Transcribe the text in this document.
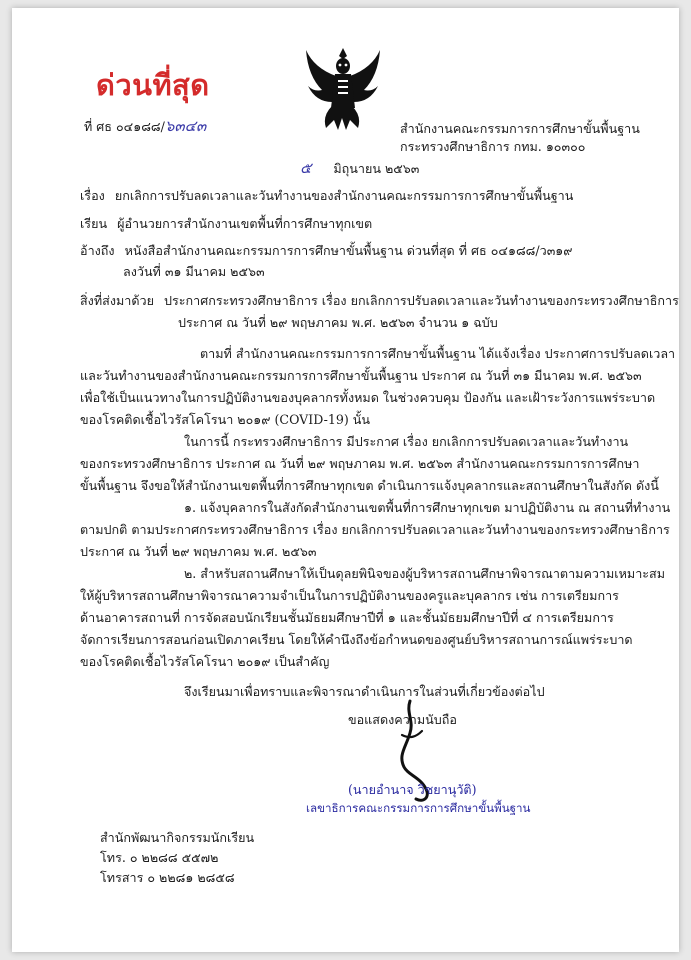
ด่วนที่สุด
ที่ ศธ ๐๔๑๘๘/๖๓๔๓	สำนักงานคณะกรรมการการศึกษาขั้นพื้นฐาน
กระทรวงศึกษาธิการ กทม. ๑๐๓๐๐
๕ มิถุนายน ๒๕๖๓
เรื่อง ยกเลิกการปรับลดเวลาและวันทำงานของสำนักงานคณะกรรมการการศึกษาขั้นพื้นฐาน
เรียน ผู้อำนวยการสำนักงานเขตพื้นที่การศึกษาทุกเขต
อ้างถึง หนังสือสำนักงานคณะกรรมการการศึกษาขั้นพื้นฐาน ด่วนที่สุด ที่ ศธ ๐๔๑๘๘/ว๓๑๙
ลงวันที่ ๓๑ มีนาคม ๒๕๖๓
สิ่งที่ส่งมาด้วย ประกาศกระทรวงศึกษาธิการ เรื่อง ยกเลิกการปรับลดเวลาและวันทำงานของกระทรวงศึกษาธิการ
ประกาศ ณ วันที่ ๒๙ พฤษภาคม พ.ศ. ๒๕๖๓ จำนวน ๑ ฉบับ
ตามที่ สำนักงานคณะกรรมการการศึกษาขั้นพื้นฐาน ได้แจ้งเรื่อง ประกาศการปรับลดเวลา
และวันทำงานของสำนักงานคณะกรรมการการศึกษาขั้นพื้นฐาน ประกาศ ณ วันที่ ๓๑ มีนาคม พ.ศ. ๒๕๖๓
เพื่อใช้เป็นแนวทางในการปฏิบัติงานของบุคลากรทั้งหมด ในช่วงควบคุม ป้องกัน และเฝ้าระวังการแพร่ระบาด
ของโรคติดเชื้อไวรัสโคโรนา ๒๐๑๙ (COVID-19) นั้น
ในการนี้ กระทรวงศึกษาธิการ มีประกาศ เรื่อง ยกเลิกการปรับลดเวลาและวันทำงาน
ของกระทรวงศึกษาธิการ ประกาศ ณ วันที่ ๒๙ พฤษภาคม พ.ศ. ๒๕๖๓ สำนักงานคณะกรรมการการศึกษา
ขั้นพื้นฐาน จึงขอให้สำนักงานเขตพื้นที่การศึกษาทุกเขต ดำเนินการแจ้งบุคลากรและสถานศึกษาในสังกัด ดังนี้
๑. แจ้งบุคลากรในสังกัดสำนักงานเขตพื้นที่การศึกษาทุกเขต มาปฏิบัติงาน ณ สถานที่ทำงาน
ตามปกติ ตามประกาศกระทรวงศึกษาธิการ เรื่อง ยกเลิกการปรับลดเวลาและวันทำงานของกระทรวงศึกษาธิการ
ประกาศ ณ วันที่ ๒๙ พฤษภาคม พ.ศ. ๒๕๖๓
๒. สำหรับสถานศึกษาให้เป็นดุลยพินิจของผู้บริหารสถานศึกษาพิจารณาตามความเหมาะสม
ให้ผู้บริหารสถานศึกษาพิจารณาความจำเป็นในการปฏิบัติงานของครูและบุคลากร เช่น การเตรียมการ
ด้านอาคารสถานที่ การจัดสอบนักเรียนชั้นมัธยมศึกษาปีที่ ๑ และชั้นมัธยมศึกษาปีที่ ๔ การเตรียมการ
จัดการเรียนการสอนก่อนเปิดภาคเรียน โดยให้คำนึงถึงข้อกำหนดของศูนย์บริหารสถานการณ์แพร่ระบาด
ของโรคติดเชื้อไวรัสโคโรนา ๒๐๑๙ เป็นสำคัญ
จึงเรียนมาเพื่อทราบและพิจารณาดำเนินการในส่วนที่เกี่ยวข้องต่อไป
ขอแสดงความนับถือ
(นายอำนาจ วิชยานุวัติ)
เลขาธิการคณะกรรมการการศึกษาขั้นพื้นฐาน
สำนักพัฒนากิจกรรมนักเรียน
โทร. ๐ ๒๒๘๘ ๕๕๗๒
โทรสาร ๐ ๒๒๘๑ ๒๘๕๘
